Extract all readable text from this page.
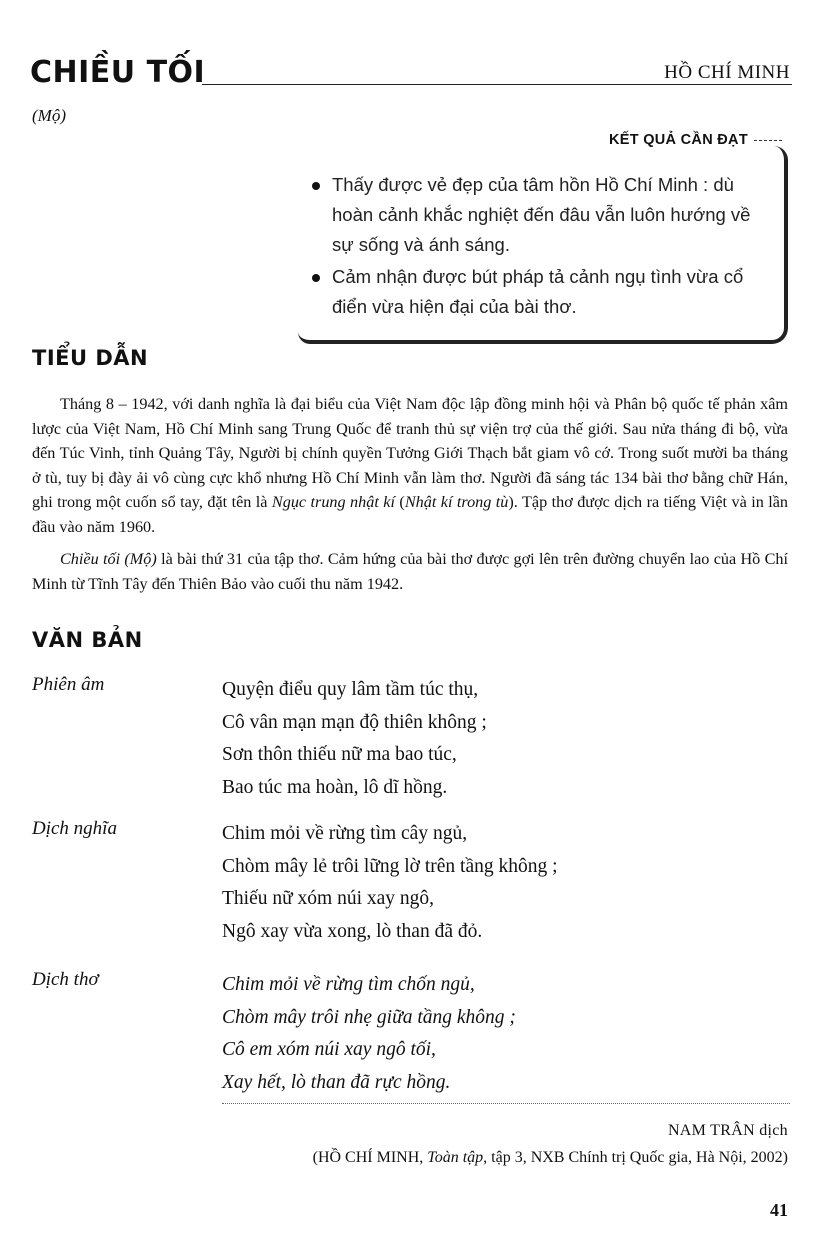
CHIỀU TỐI	HỒ CHÍ MINH
(Mộ)
KẾT QUẢ CẦN ĐẠT
Thấy được vẻ đẹp của tâm hồn Hồ Chí Minh : dù hoàn cảnh khắc nghiệt đến đâu vẫn luôn hướng về sự sống và ánh sáng.
Cảm nhận được bút pháp tả cảnh ngụ tình vừa cổ điển vừa hiện đại của bài thơ.
TIỂU DẪN

Tháng 8 – 1942, với danh nghĩa là đại biểu của Việt Nam độc lập đồng minh hội và Phân bộ quốc tế phản xâm lược của Việt Nam, Hồ Chí Minh sang Trung Quốc để tranh thủ sự viện trợ của thế giới. Sau nửa tháng đi bộ, vừa đến Túc Vinh, tỉnh Quảng Tây, Người bị chính quyền Tưởng Giới Thạch bắt giam vô cớ. Trong suốt mười ba tháng ở tù, tuy bị đày ải vô cùng cực khổ nhưng Hồ Chí Minh vẫn làm thơ. Người đã sáng tác 134 bài thơ bằng chữ Hán, ghi trong một cuốn sổ tay, đặt tên là Ngục trung nhật kí (Nhật kí trong tù). Tập thơ được dịch ra tiếng Việt và in lần đầu vào năm 1960.

Chiều tối (Mộ) là bài thứ 31 của tập thơ. Cảm hứng của bài thơ được gợi lên trên đường chuyển lao của Hồ Chí Minh từ Tĩnh Tây đến Thiên Bảo vào cuối thu năm 1942.

VĂN BẢN
Phiên âm	Quyện điểu quy lâm tầm túc thụ,
Cô vân mạn mạn độ thiên không ;
Sơn thôn thiếu nữ ma bao túc,
Bao túc ma hoàn, lô dĩ hồng.
Dịch nghĩa	Chim mỏi về rừng tìm cây ngủ,
Chòm mây lẻ trôi lững lờ trên tầng không ;
Thiếu nữ xóm núi xay ngô,
Ngô xay vừa xong, lò than đã đỏ.
Dịch thơ	Chim mỏi về rừng tìm chốn ngủ,
Chòm mây trôi nhẹ giữa tầng không ;
Cô em xóm núi xay ngô tối,
Xay hết, lò than đã rực hồng.
NAM TRÂN dịch
(HỒ CHÍ MINH, Toàn tập, tập 3, NXB Chính trị Quốc gia, Hà Nội, 2002)
41
